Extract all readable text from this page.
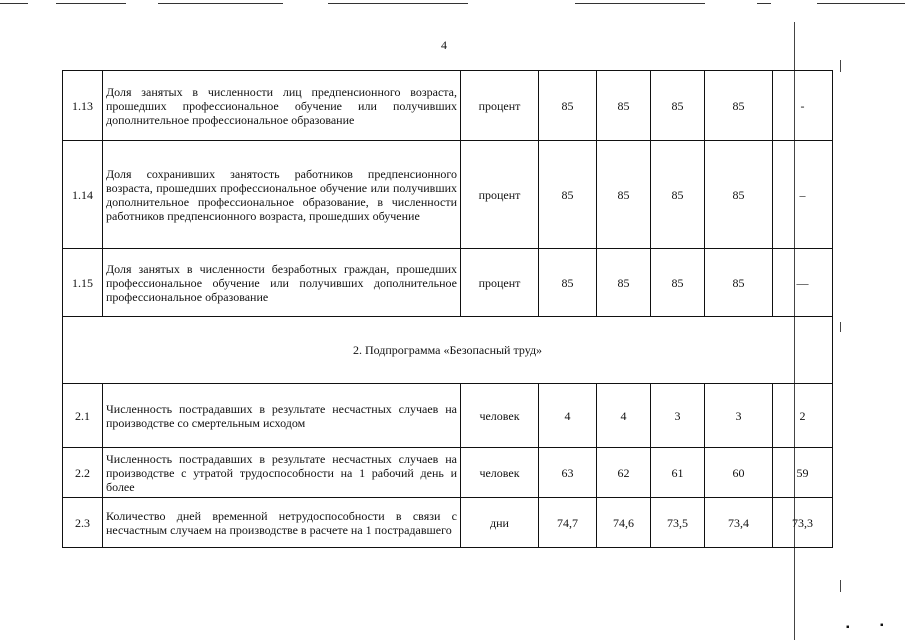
4
1.13	Доля занятых в численности лиц предпенсионного возраста, прошедших профессиональное обучение или получивших дополнительное профессиональное образование	процент	85	85	85	85	-
1.14	Доля сохранивших занятость работников предпенсионного возраста, прошедших профессиональное обучение или получивших дополнительное профессиональное образование, в численности работников предпенсионного возраста, прошедших обучение	процент	85	85	85	85	–
1.15	Доля занятых в численности безработных граждан, прошедших профессиональное обучение или получивших дополнительное профессиональное образование	процент	85	85	85	85	—
2. Подпрограмма «Безопасный труд»							
2.1	Численность пострадавших в результате несчастных случаев на производстве со смертельным исходом	человек	4	4	3	3	2
2.2	Численность пострадавших в результате несчастных случаев на производстве с утратой трудоспособности на 1 рабочий день и более	человек	63	62	61	60	59
2.3	Количество дней временной нетрудоспособности в связи с несчастным случаем на производстве в расчете на 1 пострадавшего	дни	74,7	74,6	73,5	73,4	73,3
▪	▪
